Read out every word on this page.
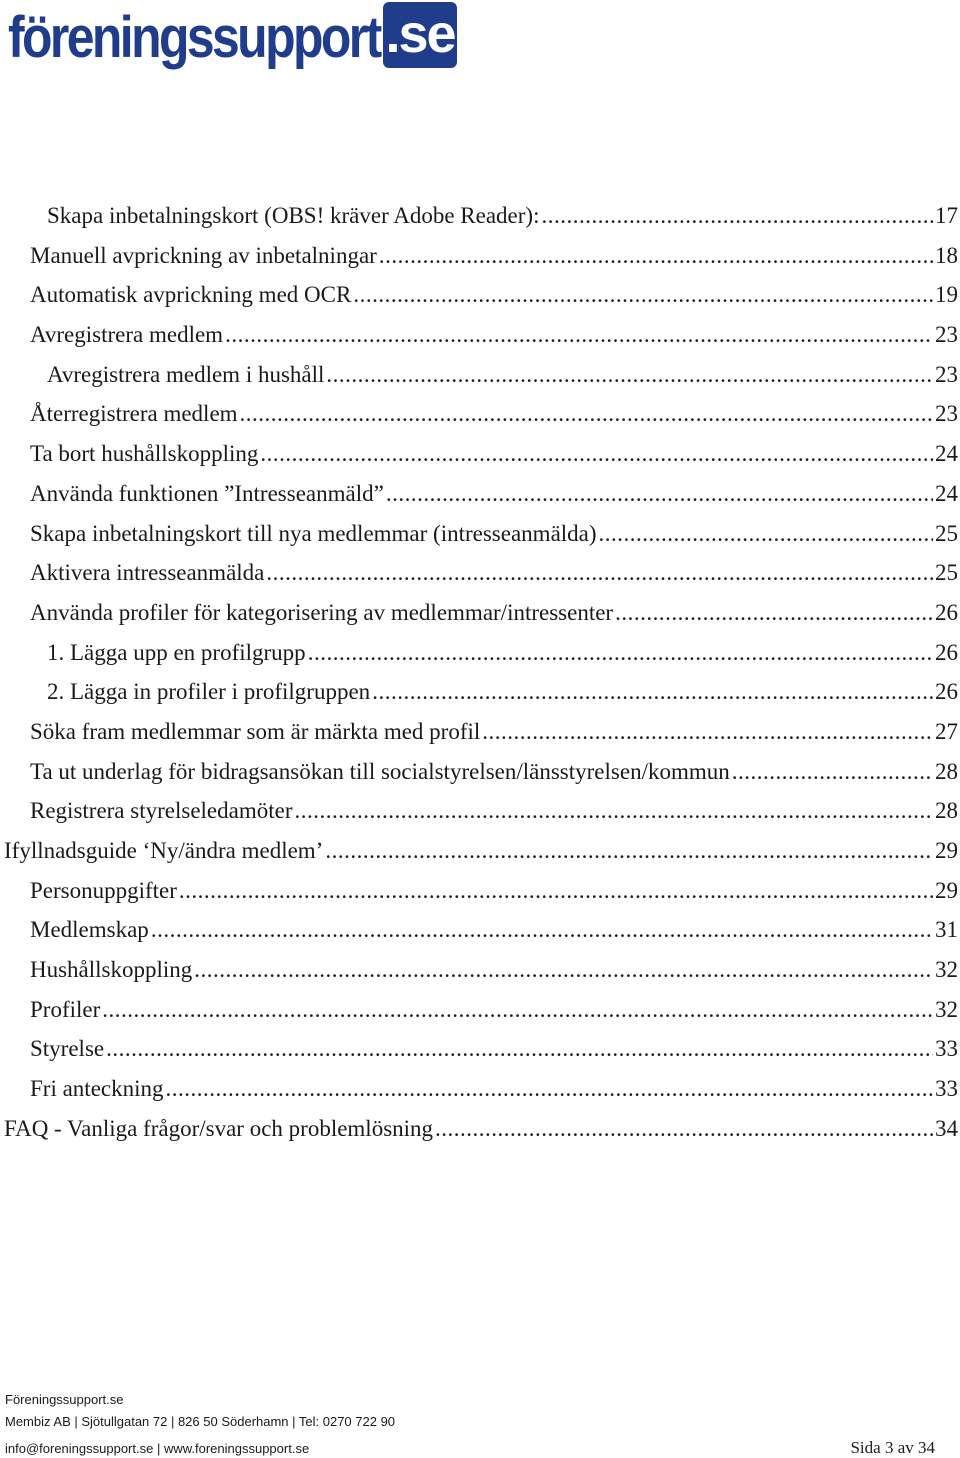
föreningssupport .se
Skapa inbetalningskort (OBS! kräver Adobe Reader): .....	17
Manuell avprickning av inbetalningar .....	18
Automatisk avprickning med OCR .....	19
Avregistrera medlem .....	23
Avregistrera medlem i hushåll .....	23
Återregistrera medlem .....	23
Ta bort hushållskoppling .....	24
Använda funktionen ”Intresseanmäld” .....	24
Skapa inbetalningskort till nya medlemmar (intresseanmälda) .....	25
Aktivera intresseanmälda .....	25
Använda profiler för kategorisering av medlemmar/intressenter .....	26
1. Lägga upp en profilgrupp .....	26
2. Lägga in profiler i profilgruppen .....	26
Söka fram medlemmar som är märkta med profil .....	27
Ta ut underlag för bidragsansökan till socialstyrelsen/länsstyrelsen/kommun .....	28
Registrera styrelseledamöter .....	28
Ifyllnadsguide ‘Ny/ändra medlem’ .....	29
Personuppgifter .....	29
Medlemskap .....	31
Hushållskoppling .....	32
Profiler .....	32
Styrelse .....	33
Fri anteckning .....	33
FAQ - Vanliga frågor/svar och problemlösning .....	34
Föreningssupport.se
Membiz AB | Sjötullgatan 72 | 826 50 Söderhamn | Tel: 0270 722 90
info@foreningssupport.se | www.foreningssupport.se	Sida 3 av 34
